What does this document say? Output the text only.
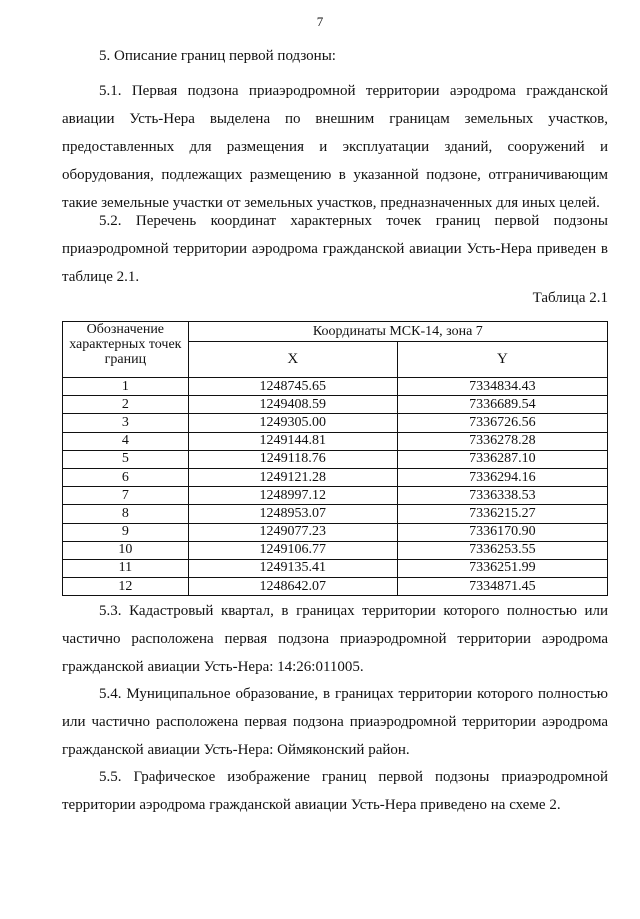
7
5. Описание границ первой подзоны:
5.1. Первая подзона приаэродромной территории аэродрома гражданской авиации Усть-Нера выделена по внешним границам земельных участков, предоставленных для размещения и эксплуатации зданий, сооружений и оборудования, подлежащих размещению в указанной подзоне, отграничивающим такие земельные участки от земельных участков, предназначенных для иных целей.
5.2. Перечень координат характерных точек границ первой подзоны приаэродромной территории аэродрома гражданской авиации Усть-Нера приведен в таблице 2.1.
Таблица 2.1
Обозначение характерных точек границ	Координаты МСК-14, зона 7	
	X	Y
1	1248745.65	7334834.43
2	1249408.59	7336689.54
3	1249305.00	7336726.56
4	1249144.81	7336278.28
5	1249118.76	7336287.10
6	1249121.28	7336294.16
7	1248997.12	7336338.53
8	1248953.07	7336215.27
9	1249077.23	7336170.90
10	1249106.77	7336253.55
11	1249135.41	7336251.99
12	1248642.07	7334871.45
5.3. Кадастровый квартал, в границах территории которого полностью или частично расположена первая подзона приаэродромной территории аэродрома гражданской авиации Усть-Нера: 14:26:011005.
5.4. Муниципальное образование, в границах территории которого полностью или частично расположена первая подзона приаэродромной территории аэродрома гражданской авиации Усть-Нера: Оймяконский район.
5.5. Графическое изображение границ первой подзоны приаэродромной территории аэродрома гражданской авиации Усть-Нера приведено на схеме 2.
